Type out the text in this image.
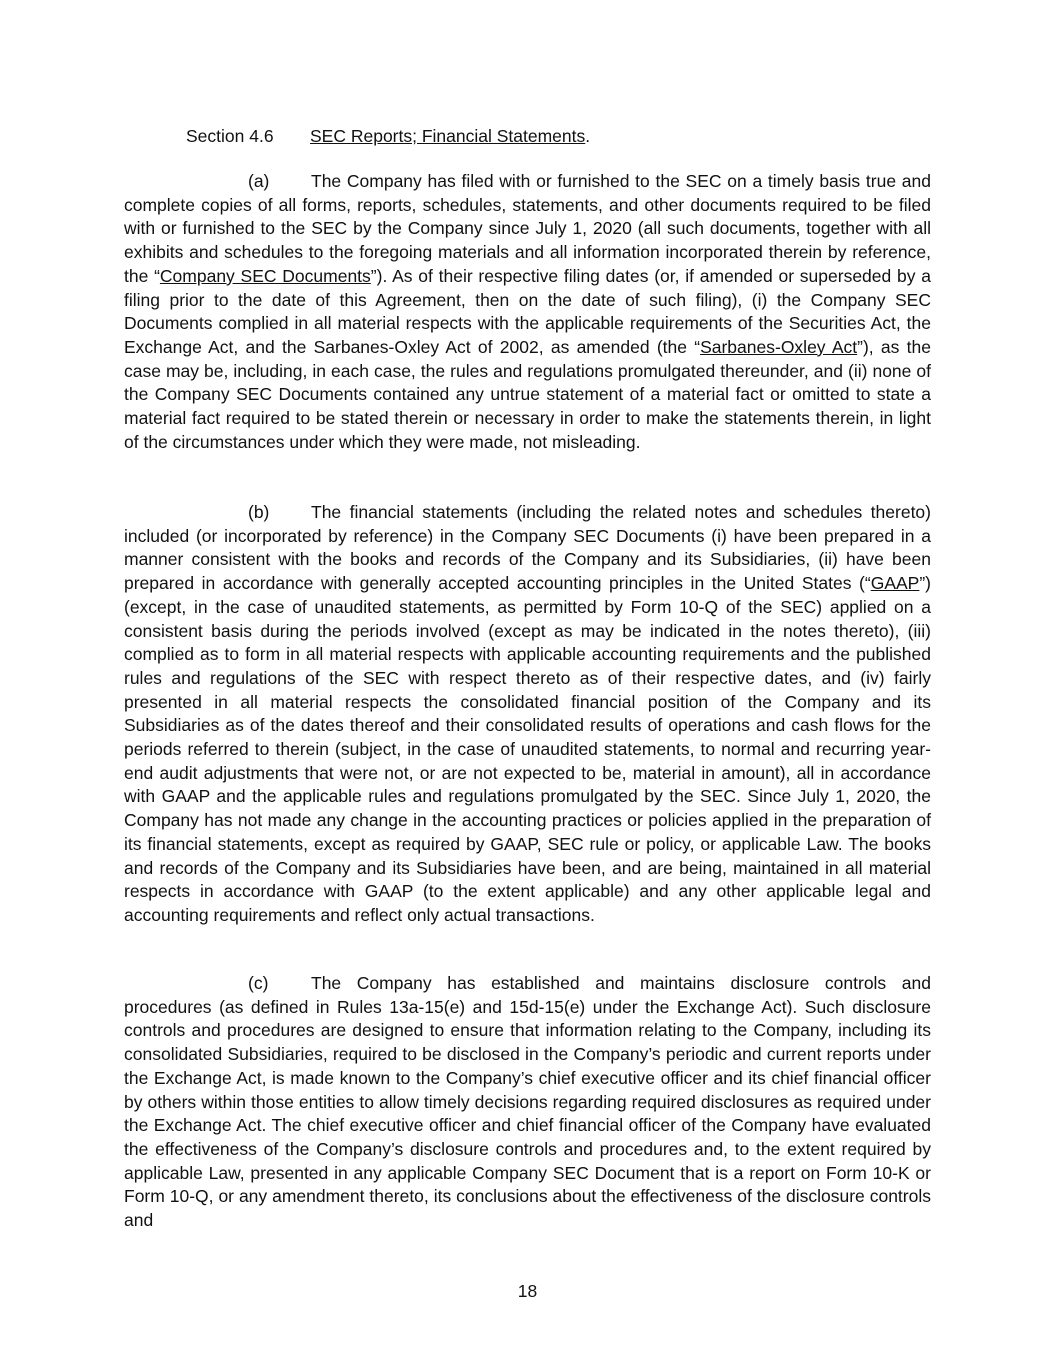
Section 4.6 SEC Reports; Financial Statements.

(a) The Company has filed with or furnished to the SEC on a timely basis true and complete copies of all forms, reports, schedules, statements, and other documents required to be filed with or furnished to the SEC by the Company since July 1, 2020 (all such documents, together with all exhibits and schedules to the foregoing materials and all information incorporated therein by reference, the “Company SEC Documents”). As of their respective filing dates (or, if amended or superseded by a filing prior to the date of this Agreement, then on the date of such filing), (i) the Company SEC Documents complied in all material respects with the applicable requirements of the Securities Act, the Exchange Act, and the Sarbanes-Oxley Act of 2002, as amended (the “Sarbanes-Oxley Act”), as the case may be, including, in each case, the rules and regulations promulgated thereunder, and (ii) none of the Company SEC Documents contained any untrue statement of a material fact or omitted to state a material fact required to be stated therein or necessary in order to make the statements therein, in light of the circumstances under which they were made, not misleading.

(b) The financial statements (including the related notes and schedules thereto) included (or incorporated by reference) in the Company SEC Documents (i) have been prepared in a manner consistent with the books and records of the Company and its Subsidiaries, (ii) have been prepared in accordance with generally accepted accounting principles in the United States (“GAAP”) (except, in the case of unaudited statements, as permitted by Form 10-Q of the SEC) applied on a consistent basis during the periods involved (except as may be indicated in the notes thereto), (iii) complied as to form in all material respects with applicable accounting requirements and the published rules and regulations of the SEC with respect thereto as of their respective dates, and (iv) fairly presented in all material respects the consolidated financial position of the Company and its Subsidiaries as of the dates thereof and their consolidated results of operations and cash flows for the periods referred to therein (subject, in the case of unaudited statements, to normal and recurring year-end audit adjustments that were not, or are not expected to be, material in amount), all in accordance with GAAP and the applicable rules and regulations promulgated by the SEC. Since July 1, 2020, the Company has not made any change in the accounting practices or policies applied in the preparation of its financial statements, except as required by GAAP, SEC rule or policy, or applicable Law. The books and records of the Company and its Subsidiaries have been, and are being, maintained in all material respects in accordance with GAAP (to the extent applicable) and any other applicable legal and accounting requirements and reflect only actual transactions.

(c) The Company has established and maintains disclosure controls and procedures (as defined in Rules 13a-15(e) and 15d-15(e) under the Exchange Act). Such disclosure controls and procedures are designed to ensure that information relating to the Company, including its consolidated Subsidiaries, required to be disclosed in the Company’s periodic and current reports under the Exchange Act, is made known to the Company’s chief executive officer and its chief financial officer by others within those entities to allow timely decisions regarding required disclosures as required under the Exchange Act. The chief executive officer and chief financial officer of the Company have evaluated the effectiveness of the Company’s disclosure controls and procedures and, to the extent required by applicable Law, presented in any applicable Company SEC Document that is a report on Form 10-K or Form 10-Q, or any amendment thereto, its conclusions about the effectiveness of the disclosure controls and

18
